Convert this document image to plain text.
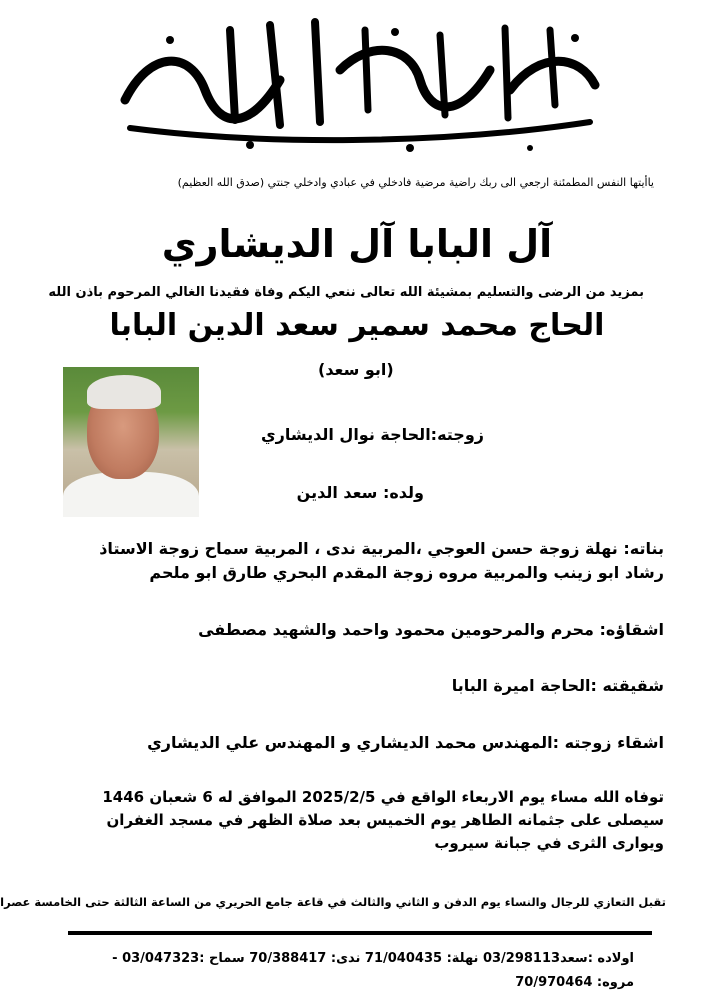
ياأيتها النفس المطمئنة ارجعي الى ربك راضية مرضية فادخلي في عبادي وادخلي جنتي (صدق الله العظيم)
آل البابا آل الديشاري
بمزيد من الرضى والتسليم بمشيئة الله تعالى ننعي اليكم وفاة فقيدنا الغالي المرحوم باذن الله
الحاج محمد سمير سعد الدين البابا
(ابو سعد)
زوجته:الحاجة نوال الديشاري
ولده: سعد الدين
بناته: نهلة زوجة حسن العوجي ،المربية ندى ، المربية سماح زوجة الاستاذ
رشاد ابو زينب والمربية مروه زوجة المقدم البحري طارق ابو ملحم
اشقاؤه: محرم والمرحومين محمود واحمد والشهيد مصطفى
شقيقته :الحاجة اميرة البابا
اشقاء زوجته :المهندس محمد الديشاري و المهندس علي الديشاري
توفاه الله مساء يوم الاربعاء الواقع في 2025/2/5 الموافق له 6 شعبان 1446
سيصلى على جثمانه الطاهر يوم الخميس بعد صلاة الظهر في مسجد الغفران
ويوارى الثرى في جبانة سيروب
تقبل التعازي للرجال والنساء يوم الدفن و الثاني والثالث في قاعة جامع الحريري من الساعة الثالثة حتى الخامسة عصرا
اولاده :سعد03/298113 نهلة: 71/040435 ندى: 70/388417 سماح :03/047323 -
مروه: 70/970464
